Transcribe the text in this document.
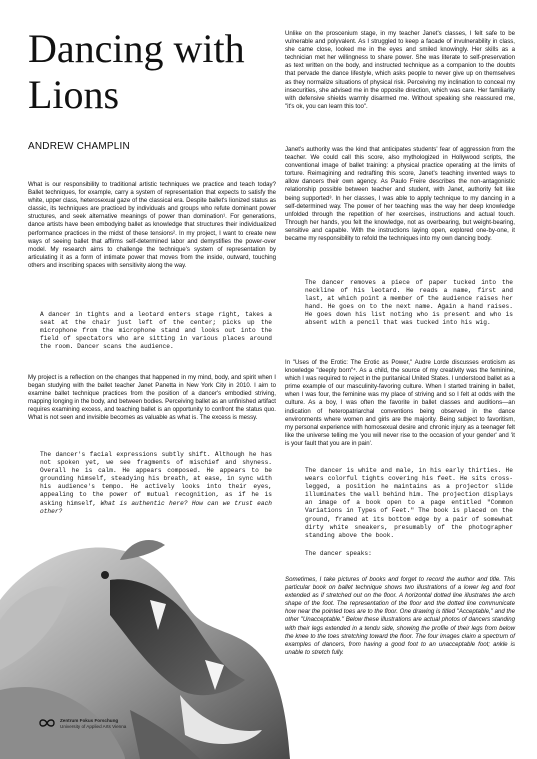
Dancing with
Lions

ANDREW CHAMPLIN

What is our responsibility to traditional artistic techniques we practice and teach today? Ballet techniques, for example, carry a system of representation that expects to satisfy the white, upper class, heterosexual gaze of the classical era. Despite ballet's lionized status as classic, its techniques are practiced by individuals and groups who refute dominant power structures, and seek alternative meanings of power than domination¹. For generations, dance artists have been embodying ballet as knowledge that structures their individualized performance practices in the midst of these tensions². In my project, I want to create new ways of seeing ballet that affirms self-determined labor and demystifies the power-over model. My research aims to challenge the technique's system of representation by articulating it as a form of intimate power that moves from the inside, outward, touching others and inscribing spaces with sensitivity along the way.

A dancer in tights and a leotard enters stage right, takes a seat at the chair just left of the center; picks up the microphone from the microphone stand and looks out into the field of spectators who are sitting in various places around the room. Dancer scans the audience.

My project is a reflection on the changes that happened in my mind, body, and spirit when I began studying with the ballet teacher Janet Panetta in New York City in 2010. I aim to examine ballet technique practices from the position of a dancer's embodied striving, mapping longing in the body, and between bodies. Perceiving ballet as an unfinished artifact requires examining excess, and teaching ballet is an opportunity to confront the status quo. What is not seen and invisible becomes as valuable as what is. The excess is messy.

The dancer's facial expressions subtly shift. Although he has not spoken yet, we see fragments of mischief and shyness. Overall he is calm. He appears composed. He appears to be grounding himself, steadying his breath, at ease, in sync with his audience's tempo. He actively looks into their eyes, appealing to the power of mutual recognition, as if he is asking himself, What is authentic here? How can we trust each other?

Zentrum Fokus Forschung
University of Applied Arts Vienna

Unlike on the proscenium stage, in my teacher Janet's classes, I felt safe to be vulnerable and polyvalent. As I struggled to keep a facade of invulnerability in class, she came close, looked me in the eyes and smiled knowingly. Her skills as a technician met her willingness to share power. She was literate to self-preservation as text written on the body, and instructed technique as a companion to the doubts that pervade the dance lifestyle, which asks people to never give up on themselves as they normalize situations of physical risk. Perceiving my inclination to conceal my insecurities, she advised me in the opposite direction, which was care. Her familiarity with defensive shields warmly disarmed me. Without speaking she reassured me, "it's ok, you can learn this too".

Janet's authority was the kind that anticipates students' fear of aggression from the teacher. We could call this score, also mythologized in Hollywood scripts, the conventional image of ballet training: a physical practice operating at the limits of torture. Reimagining and redrafting this score, Janet's teaching invented ways to allow dancers their own agency. As Paulo Freire describes the non-antagonistic relationship possible between teacher and student, with Janet, authority felt like being supported³. In her classes, I was able to apply technique to my dancing in a self-determined way. The power of her teaching was the way her deep knowledge unfolded through the repetition of her exercises, instructions and actual touch. Through her hands, you felt the knowledge, not as overbearing, but weight-bearing, sensitive and capable. With the instructions laying open, explored one-by-one, it became my responsibility to refold the techniques into my own dancing body.

The dancer removes a piece of paper tucked into the neckline of his leotard. He reads a name, first and last, at which point a member of the audience raises her hand. He goes on to the next name. Again a hand raises. He goes down his list noting who is present and who is absent with a pencil that was tucked into his wig.

In "Uses of the Erotic: The Erotic as Power," Audre Lorde discusses eroticism as knowledge "deeply born"⁴. As a child, the source of my creativity was the feminine, which I was required to reject in the puritanical United States. I understood ballet as a prime example of our masculinity-favoring culture. When I started training in ballet, when I was four, the feminine was my place of striving and so I felt at odds with the culture. As a boy, I was often the favorite in ballet classes and auditions—an indication of heteropatriarchal conventions being observed in the dance environments where women and girls are the majority. Being subject to favoritism, my personal experience with homosexual desire and chronic injury as a teenager felt like the universe telling me 'you will never rise to the occasion of your gender' and 'it is your fault that you are in pain'.

The dancer is white and male, in his early thirties. He wears colorful tights covering his feet. He sits cross-legged, a position he maintains as a projector slide illuminates the wall behind him. The projection displays an image of a book open to a page entitled "Common Variations in Types of Feet." The book is placed on the ground, framed at its bottom edge by a pair of somewhat dirty white sneakers, presumably of the photographer standing above the book.

The dancer speaks:

Sometimes, I take pictures of books and forget to record the author and title. This particular book on ballet technique shows two illustrations of a lower leg and foot extended as if stretched out on the floor. A horizontal dotted line illustrates the arch shape of the foot. The representation of the floor and the dotted line communicate how near the pointed toes are to the floor. One drawing is titled "Acceptable," and the other "Unacceptable." Below these illustrations are actual photos of dancers standing with their legs extended in a tendu side, showing the profile of their legs from below the knee to the toes stretching toward the floor. The four images claim a spectrum of examples of dancers, from having a good foot to an unacceptable foot; ankle is unable to stretch fully.
